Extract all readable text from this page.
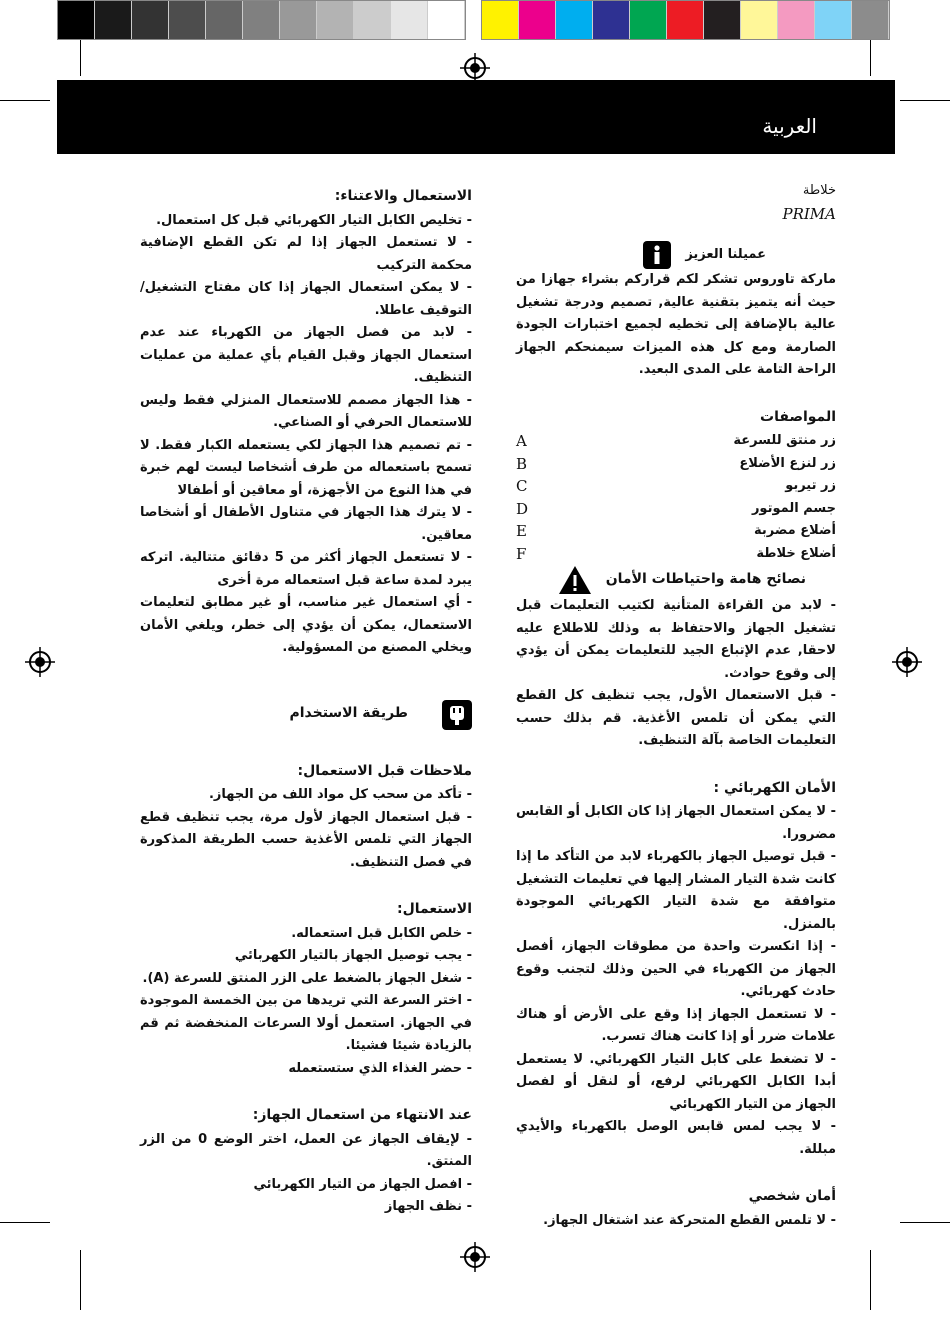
العربية
خلاطة
PRIMA
عميلنا العزيز

ماركة تاوروس تشكر لكم قراركم بشراء جهازا من حيث أنه يتميز بتقنية عالية, تصميم ودرجة تشغيل عالية بالإضافة إلى تخطيه لجميع اختبارات الجودة الصارمة ومع كل هذه الميزات سيمنحكم الجهاز الراحة التامة على المدى البعيد.

المواصفات
A	زر منتق للسرعة
B	زر لنزع الأضلاع
C	زر تيربو
D	جسم الموتور
E	أضلاع مضربة
F	أضلاع خلاطة
نصائح هامة واحتياطات الأمان

- لابد من القراءة المتأنية لكتيب التعليمات قبل تشغيل الجهاز والاحتفاظ به وذلك للاطلاع عليه لاحقا, عدم الإتباع الجيد للتعليمات يمكن أن يؤدي إلى وقوع حوادث.

- قبل الاستعمال الأول, يجب تنظيف كل القطع التي يمكن أن تلمس الأغذية. قم بذلك حسب التعليمات الخاصة بآلة التنظيف.

الأمان الكهربائي :

- لا يمكن استعمال الجهاز إذا كان الكابل أو القابس مضرورا.

- قبل توصيل الجهاز بالكهرباء لابد من التأكد ما إذا كانت شدة التيار المشار إليها في تعليمات التشغيل متوافقة مع شدة التيار الكهربائي الموجودة بالمنزل.

- إذا انكسرت واحدة من مطوقات الجهاز، أفصل الجهاز من الكهرباء في الحين وذلك لتجنب وقوع حادث كهربائي.

- لا تستعمل الجهاز إذا وقع على الأرض أو هناك علامات ضرر أو إذا كانت هناك تسرب.

- لا تضغط على كابل التيار الكهربائي. لا يستعمل أبدا الكابل الكهربائي لرفع، أو لنقل أو لفصل الجهاز من التيار الكهربائي

- لا يجب لمس قابس الوصل بالكهرباء والأيدي مبللة.

أمان شخصي

- لا تلمس القطع المتحركة عند اشتغال الجهاز.

الاستعمال والاعتناء:

- تخليص الكابل التيار الكهربائي قبل كل استعمال.

- لا تستعمل الجهاز إذا لم تكن القطع الإضافية محكمة التركيب

- لا يمكن استعمال الجهاز إذا كان مفتاح التشغيل/ التوقيف عاطلا.

- لابد من فصل الجهاز من الكهرباء عند عدم استعمال الجهاز وقبل القيام بأي عملية من عمليات التنظيف.

- هذا الجهاز مصمم للاستعمال المنزلي فقط وليس للاستعمال الحرفي أو الصناعي.

- تم تصميم هذا الجهاز لكي يستعمله الكبار فقط. لا تسمح باستعماله من طرف أشخاصا ليست لهم خبرة في هذا النوع من الأجهزة، أو معاقين أو أطفالا

- لا يترك هذا الجهاز في متناول الأطفال أو أشخاصا معاقين.

- لا تستعمل الجهاز أكثر من 5 دقائق متتالية. اتركه يبرد لمدة ساعة قبل استعماله مرة أخرى

- أي استعمال غير مناسب، أو غير مطابق لتعليمات الاستعمال، يمكن أن يؤدي إلى خطر، ويلغي الأمان ويخلي المصنع من المسؤولية.

طريقة الاستخدام
ملاحظات قبل الاستعمال:

- تأكد من سحب كل مواد اللف من الجهاز.

- قبل استعمال الجهاز لأول مرة، يجب تنظيف قطع الجهاز التي تلمس الأغذية حسب الطريقة المذكورة في فصل التنظيف.

الاستعمال:

- خلص الكابل قبل استعماله.

- يجب توصيل الجهاز بالتيار الكهربائي

- شغل الجهاز بالضغط على الزر المنتق للسرعة (A).

- اختر السرعة التي تريدها من بين الخمسة الموجودة في الجهاز. استعمل أولا السرعات المنخفضة ثم قم بالزيادة شيئا فشيئا.

- حضر الغذاء الذي ستستعمله

عند الانتهاء من استعمال الجهاز:

- لإيقاف الجهاز عن العمل، اختر الوضع 0 من الزر المنتق.

- افصل الجهاز من التيار الكهربائي

- نظف الجهاز
